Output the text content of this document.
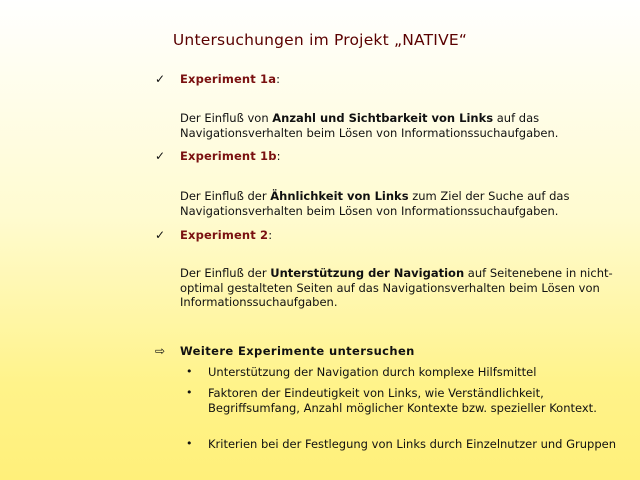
Untersuchungen im Projekt „NATIVE“
✓ Experiment 1a:
Der Einfluß von Anzahl und Sichtbarkeit von Links auf das Navigationsverhalten beim Lösen von Informationssuchaufgaben.
✓ Experiment 1b:
Der Einfluß der Ähnlichkeit von Links zum Ziel der Suche auf das Navigationsverhalten beim Lösen von Informationssuchaufgaben.
✓ Experiment 2:
Der Einfluß der Unterstützung der Navigation auf Seitenebene in nicht-optimal gestalteten Seiten auf das Navigationsverhalten beim Lösen von Informationssuchaufgaben.
⇨ Weitere Experimente untersuchen
• Unterstützung der Navigation durch komplexe Hilfsmittel
• Faktoren der Eindeutigkeit von Links, wie Verständlichkeit, Begriffsumfang, Anzahl möglicher Kontexte bzw. spezieller Kontext.
• Kriterien bei der Festlegung von Links durch Einzelnutzer und Gruppen
